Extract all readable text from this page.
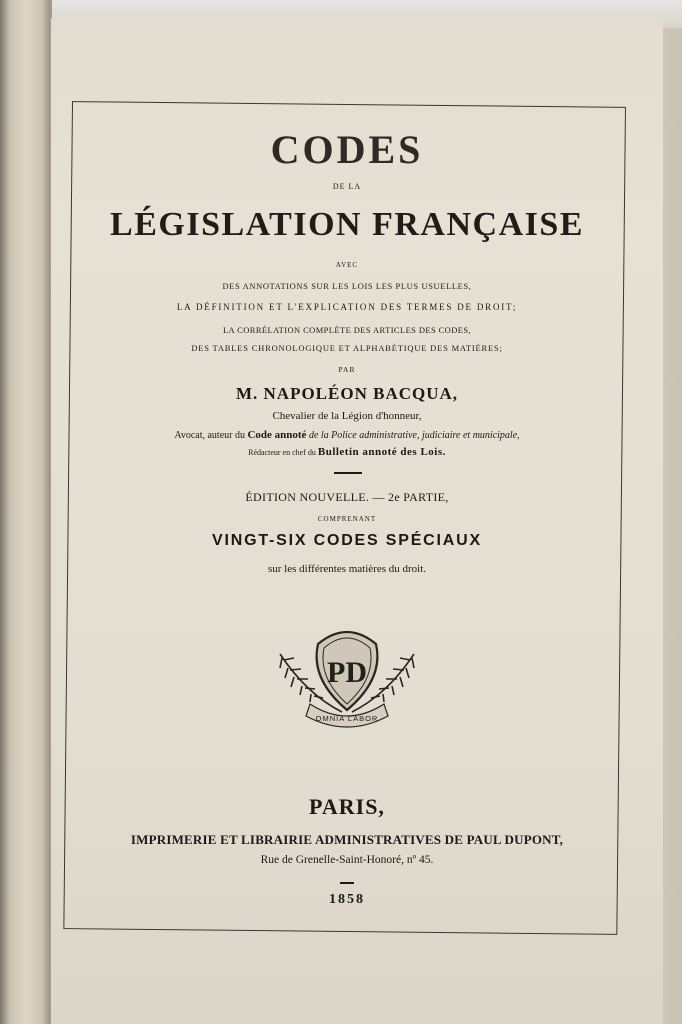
CODES
DE LA
LÉGISLATION FRANÇAISE
AVEC
DES ANNOTATIONS SUR LES LOIS LES PLUS USUELLES,
LA DÉFINITION ET L'EXPLICATION DES TERMES DE DROIT;
LA CORRÉLATION COMPLÈTE DES ARTICLES DES CODES,
DES TABLES CHRONOLOGIQUE ET ALPHABÉTIQUE DES MATIÈRES;
PAR
M. NAPOLÉON BACQUA,
Chevalier de la Légion d'honneur,
Avocat, auteur du Code annoté de la Police administrative, judiciaire et municipale,
Rédacteur en chef du Bulletin annoté des Lois.
ÉDITION NOUVELLE. — 2e PARTIE,
COMPRENANT
VINGT-SIX CODES SPÉCIAUX
sur les différentes matières du droit.
PD
OMNIA LABOR
PARIS,
IMPRIMERIE ET LIBRAIRIE ADMINISTRATIVES DE PAUL DUPONT,
Rue de Grenelle-Saint-Honoré, nº 45.
1858
